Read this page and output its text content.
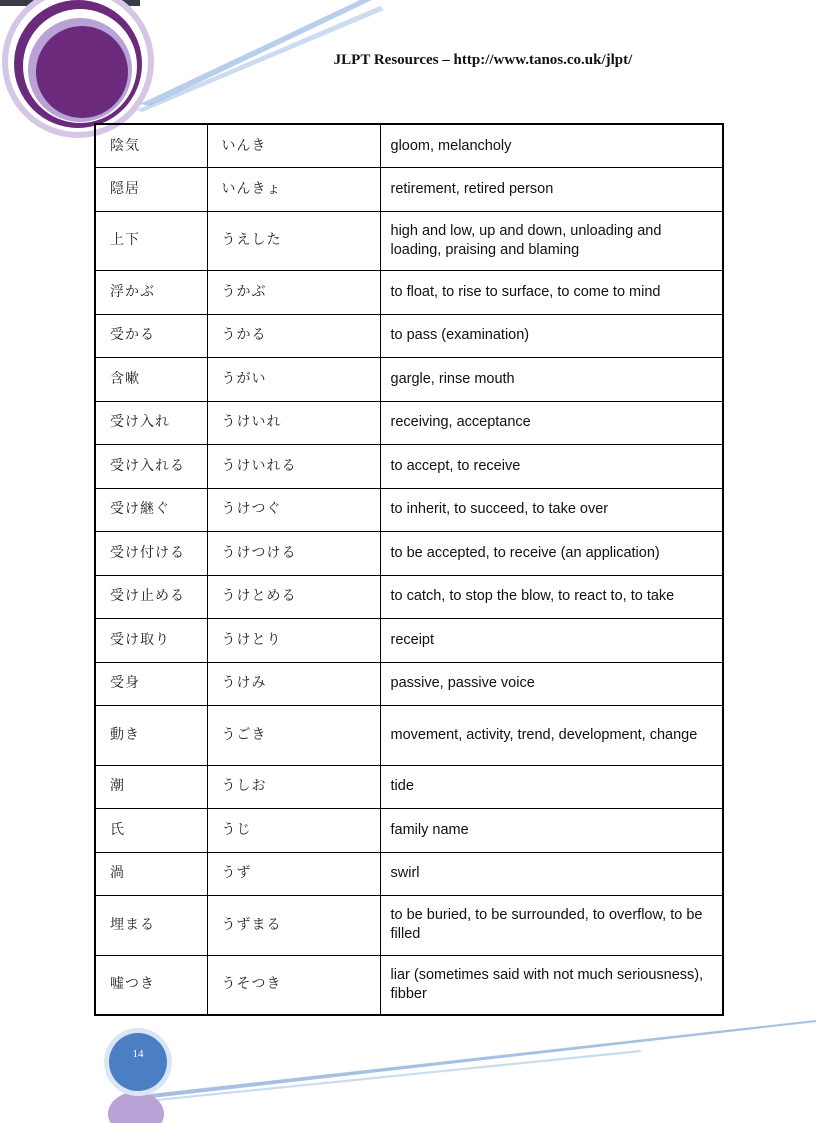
JLPT Resources – http://www.tanos.co.uk/jlpt/
陰気	いんき	gloom, melancholy
隠居	いんきょ	retirement, retired person
上下	うえした	high and low, up and down, unloading and loading, praising and blaming
浮かぶ	うかぶ	to float, to rise to surface, to come to mind
受かる	うかる	to pass (examination)
含嗽	うがい	gargle, rinse mouth
受け入れ	うけいれ	receiving, acceptance
受け入れる	うけいれる	to accept, to receive
受け継ぐ	うけつぐ	to inherit, to succeed, to take over
受け付ける	うけつける	to be accepted, to receive (an application)
受け止める	うけとめる	to catch, to stop the blow, to react to, to take
受け取り	うけとり	receipt
受身	うけみ	passive, passive voice
動き	うごき	movement, activity, trend, development, change
潮	うしお	tide
氏	うじ	family name
渦	うず	swirl
埋まる	うずまる	to be buried, to be surrounded, to overflow, to be filled
嘘つき	うそつき	liar (sometimes said with not much seriousness), fibber
14
